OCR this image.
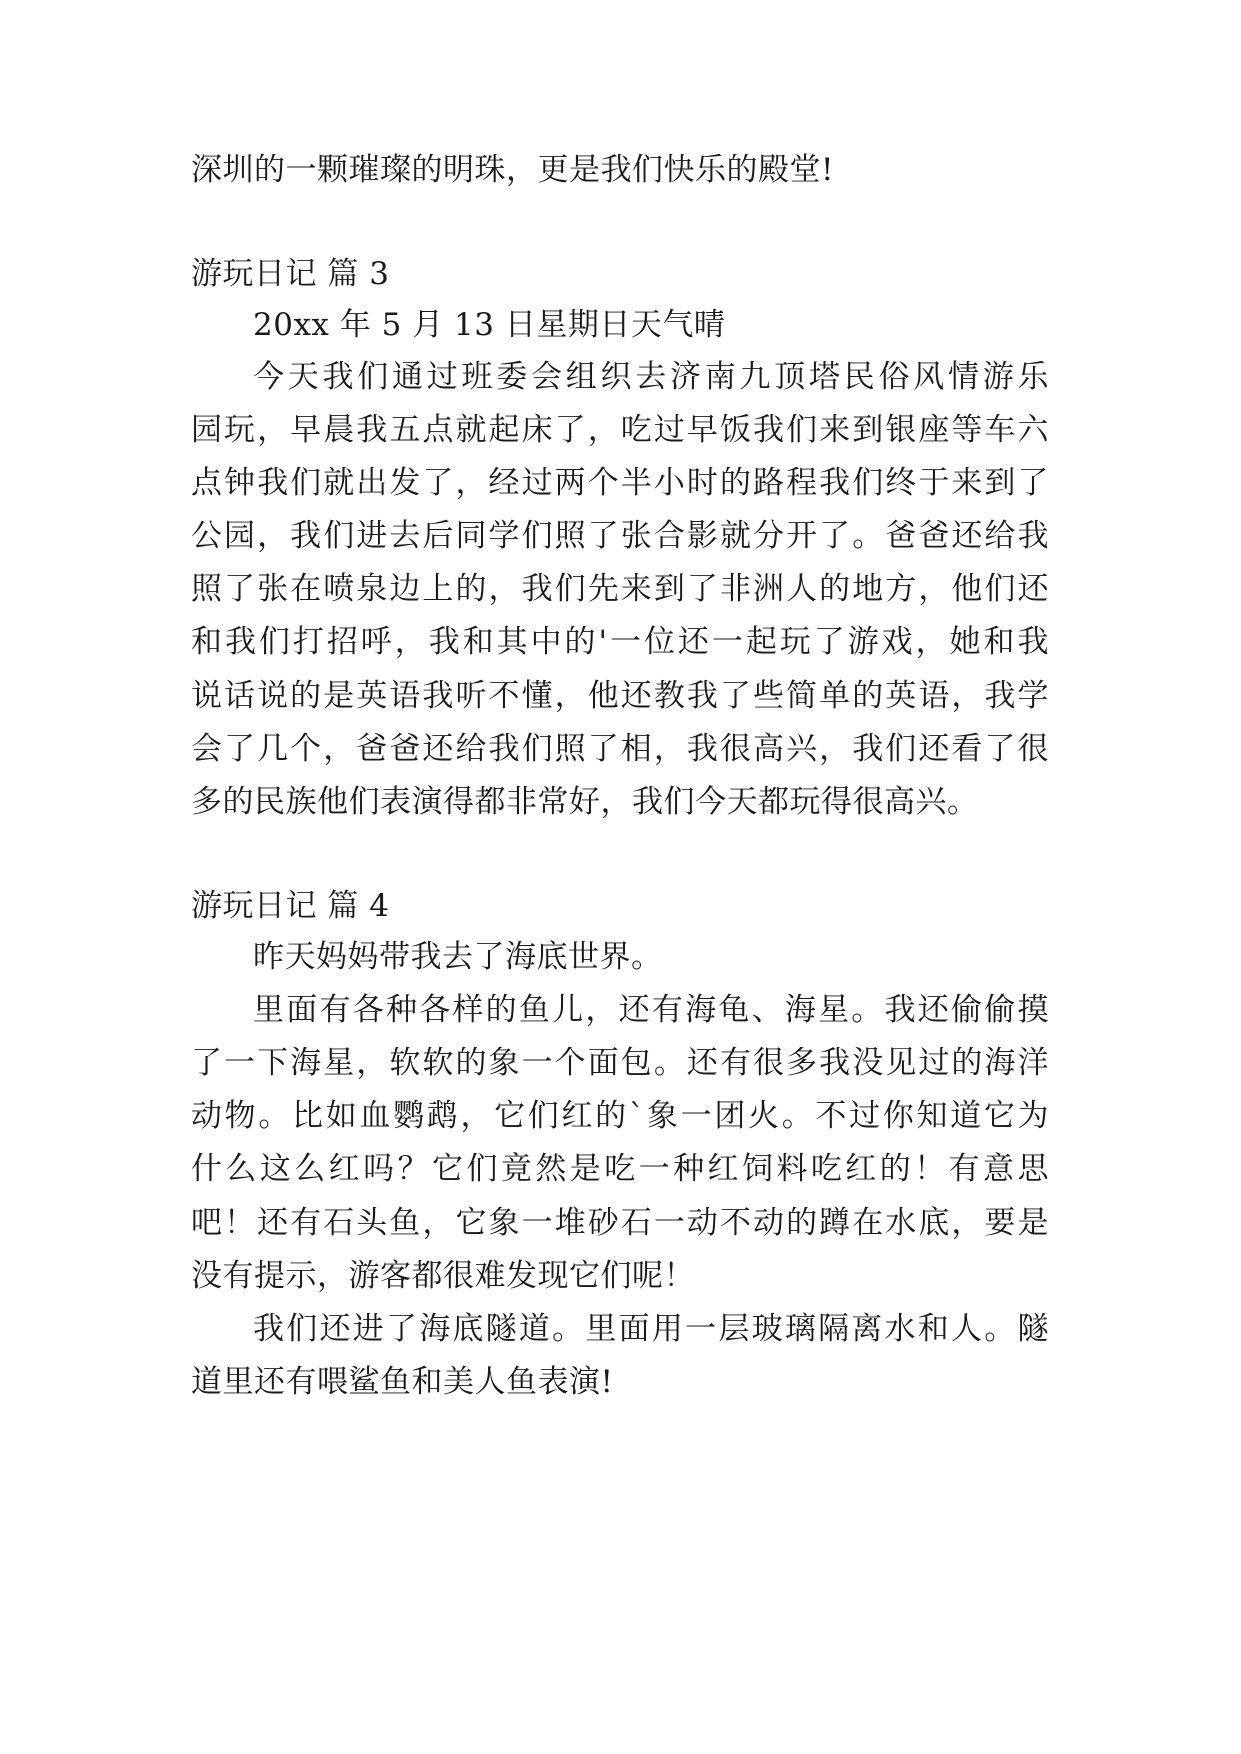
深圳的一颗璀璨的明珠，更是我们快乐的殿堂!
游玩日记 篇 3
20xx 年 5 月 13 日星期日天气晴
今天我们通过班委会组织去济南九顶塔民俗风情游乐
园玩，早晨我五点就起床了，吃过早饭我们来到银座等车六
点钟我们就出发了，经过两个半小时的路程我们终于来到了
公园，我们进去后同学们照了张合影就分开了。爸爸还给我
照了张在喷泉边上的，我们先来到了非洲人的地方，他们还
和我们打招呼，我和其中的'一位还一起玩了游戏，她和我
说话说的是英语我听不懂，他还教我了些简单的英语，我学
会了几个，爸爸还给我们照了相，我很高兴，我们还看了很
多的民族他们表演得都非常好，我们今天都玩得很高兴。
游玩日记 篇 4
昨天妈妈带我去了海底世界。
里面有各种各样的鱼儿，还有海龟、海星。我还偷偷摸
了一下海星，软软的象一个面包。还有很多我没见过的海洋
动物。比如血鹦鹉，它们红的`象一团火。不过你知道它为
什么这么红吗？它们竟然是吃一种红饲料吃红的！有意思
吧！还有石头鱼，它象一堆砂石一动不动的蹲在水底，要是
没有提示，游客都很难发现它们呢！
我们还进了海底隧道。里面用一层玻璃隔离水和人。隧
道里还有喂鲨鱼和美人鱼表演!
